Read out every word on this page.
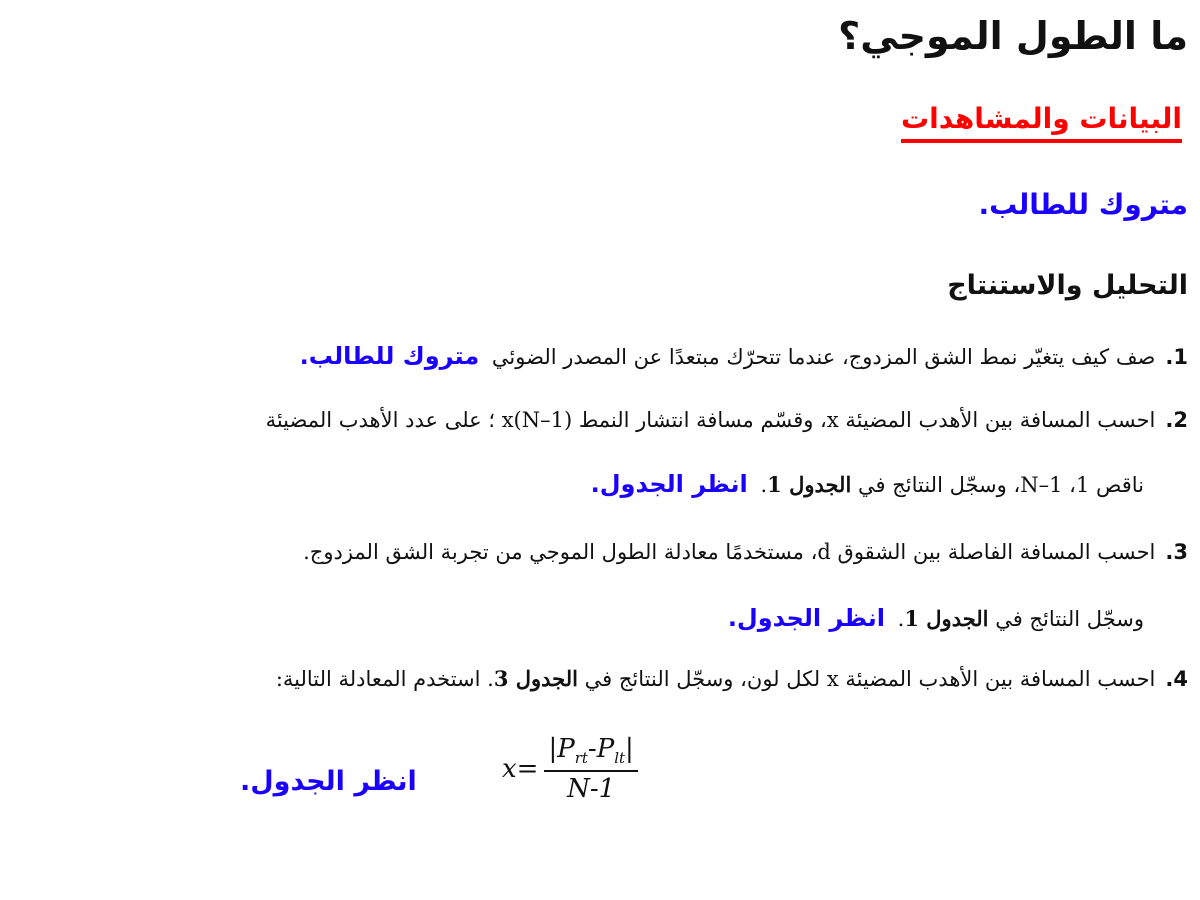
ما الطول الموجي؟
البيانات والمشاهدات
متروك للطالب.
التحليل والاستنتاج
1.صف كيف يتغيّر نمط الشق المزدوج، عندما تتحرّك مبتعدًا عن المصدر الضوئي متروك للطالب.
2.احسب المسافة بين الأهدب المضيئة x، وقسّم مسافة انتشار النمط x(N–1) ؛ على عدد الأهدب المضيئة
ناقص 1، N–1، وسجّل النتائج في الجدول 1. انظر الجدول.
3.احسب المسافة الفاصلة بين الشقوق d، مستخدمًا معادلة الطول الموجي من تجربة الشق المزدوج.
وسجّل النتائج في الجدول 1. انظر الجدول.
4.احسب المسافة بين الأهدب المضيئة x لكل لون، وسجّل النتائج في الجدول 3. استخدم المعادلة التالية:
انظر الجدول.	$x= \frac{|P_{rt}-P_{lt}|}{N-1}$
